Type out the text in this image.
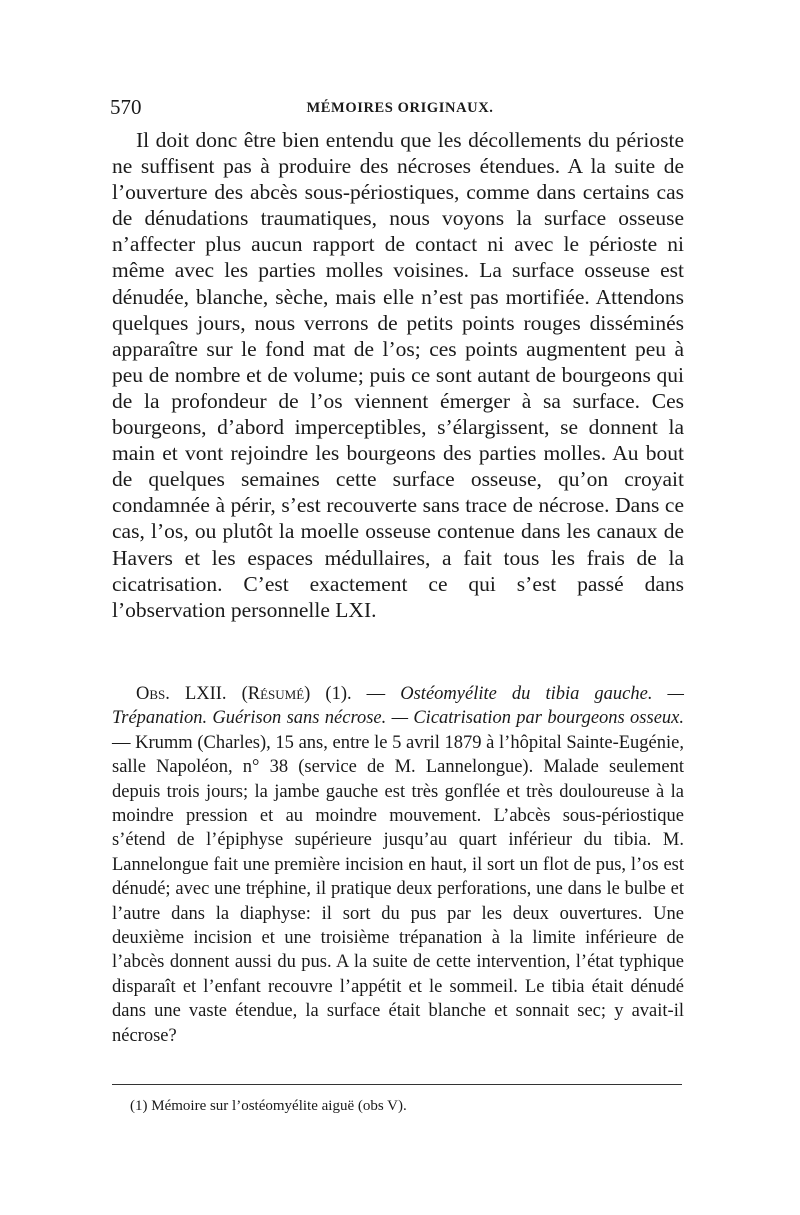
570	MÉMOIRES ORIGINAUX.

Il doit donc être bien entendu que les décollements du périoste ne suffisent pas à produire des nécroses étendues. A la suite de l’ouverture des abcès sous-périostiques, comme dans certains cas de dénudations traumatiques, nous voyons la surface osseuse n’affecter plus aucun rapport de contact ni avec le périoste ni même avec les parties molles voisines. La surface osseuse est dénudée, blanche, sèche, mais elle n’est pas mortifiée. Attendons quelques jours, nous verrons de petits points rouges disséminés apparaître sur le fond mat de l’os; ces points augmentent peu à peu de nombre et de volume; puis ce sont autant de bourgeons qui de la profondeur de l’os viennent émerger à sa surface. Ces bourgeons, d’abord imperceptibles, s’élargissent, se donnent la main et vont rejoindre les bourgeons des parties molles. Au bout de quelques semaines cette surface osseuse, qu’on croyait condamnée à périr, s’est recouverte sans trace de nécrose. Dans ce cas, l’os, ou plutôt la moelle osseuse contenue dans les canaux de Havers et les espaces médullaires, a fait tous les frais de la cicatrisation. C’est exactement ce qui s’est passé dans l’observation personnelle LXI.

Obs. LXII. (Résumé) (1). — Ostéomyélite du tibia gauche. —Trépanation. Guérison sans nécrose. — Cicatrisation par bourgeons osseux. — Krumm (Charles), 15 ans, entre le 5 avril 1879 à l’hôpital Sainte-Eugénie, salle Napoléon, n° 38 (service de M. Lannelongue). Malade seulement depuis trois jours; la jambe gauche est très gonflée et très douloureuse à la moindre pression et au moindre mouvement. L’abcès sous-périostique s’étend de l’épiphyse supérieure jusqu’au quart inférieur du tibia. M. Lannelongue fait une première incision en haut, il sort un flot de pus, l’os est dénudé; avec une tréphine, il pratique deux perforations, une dans le bulbe et l’autre dans la diaphyse: il sort du pus par les deux ouvertures. Une deuxième incision et une troisième trépanation à la limite inférieure de l’abcès donnent aussi du pus. A la suite de cette intervention, l’état typhique disparaît et l’enfant recouvre l’appétit et le sommeil. Le tibia était dénudé dans une vaste étendue, la surface était blanche et sonnait sec; y avait-il nécrose?

(1) Mémoire sur l’ostéomyélite aiguë (obs V).
